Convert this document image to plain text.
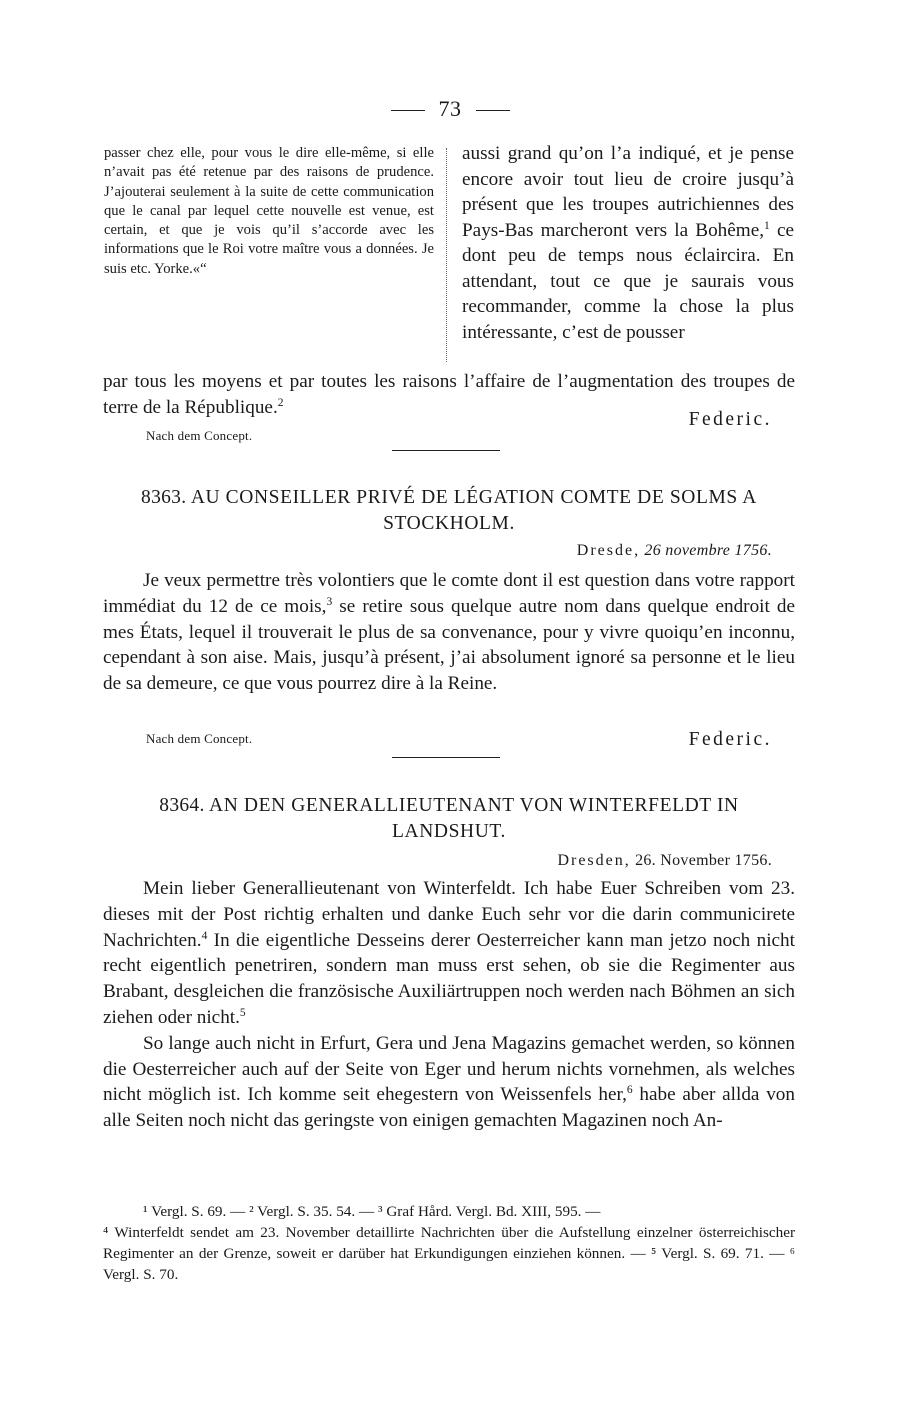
73

passer chez elle, pour vous le dire elle-même, si elle n’avait pas été retenue par des raisons de prudence. J’ajouterai seulement à la suite de cette communication que le canal par lequel cette nouvelle est venue, est certain, et que je vois qu’il s’accorde avec les informations que le Roi votre maître vous a données. Je suis etc. Yorke.«“

aussi grand qu’on l’a indiqué, et je pense encore avoir tout lieu de croire jusqu’à présent que les troupes autrichiennes des Pays-Bas marcheront vers la Bohême,$^1$ ce dont peu de temps nous éclaircira. En attendant, tout ce que je saurais vous recommander, comme la chose la plus intéressante, c’est de pousser

par tous les moyens et par toutes les raisons l’affaire de l’augmentation des troupes de terre de la République.$^2$

Nach dem Concept.
Federic.
8363. AU CONSEILLER PRIVÉ DE LÉGATION COMTE DE SOLMS A STOCKHOLM.
Dresde, 26 novembre 1756.

Je veux permettre très volontiers que le comte dont il est question dans votre rapport immédiat du 12 de ce mois,$^3$ se retire sous quelque autre nom dans quelque endroit de mes États, lequel il trouverait le plus de sa convenance, pour y vivre quoiqu’en inconnu, cependant à son aise. Mais, jusqu’à présent, j’ai absolument ignoré sa personne et le lieu de sa demeure, ce que vous pourrez dire à la Reine.

Nach dem Concept.	Federic.
8364. AN DEN GENERALLIEUTENANT VON WINTERFELDT IN LANDSHUT.
Dresden, 26. November 1756.

Mein lieber Generallieutenant von Winterfeldt. Ich habe Euer Schreiben vom 23. dieses mit der Post richtig erhalten und danke Euch sehr vor die darin communicirete Nachrichten.$^4$ In die eigentliche Desseins derer Oesterreicher kann man jetzo noch nicht recht eigentlich penetriren, sondern man muss erst sehen, ob sie die Regimenter aus Brabant, desgleichen die französische Auxiliärtruppen noch werden nach Böhmen an sich ziehen oder nicht.$^5$

So lange auch nicht in Erfurt, Gera und Jena Magazins gemachet werden, so können die Oesterreicher auch auf der Seite von Eger und herum nichts vornehmen, als welches nicht möglich ist. Ich komme seit ehegestern von Weissenfels her,$^6$ habe aber allda von alle Seiten noch nicht das geringste von einigen gemachten Magazinen noch An-

¹ Vergl. S. 69. — ² Vergl. S. 35. 54. — ³ Graf Hård. Vergl. Bd. XIII, 595. —

⁴ Winterfeldt sendet am 23. November detaillirte Nachrichten über die Aufstellung einzelner österreichischer Regimenter an der Grenze, soweit er darüber hat Erkundigungen einziehen können. — ⁵ Vergl. S. 69. 71. — ⁶ Vergl. S. 70.
